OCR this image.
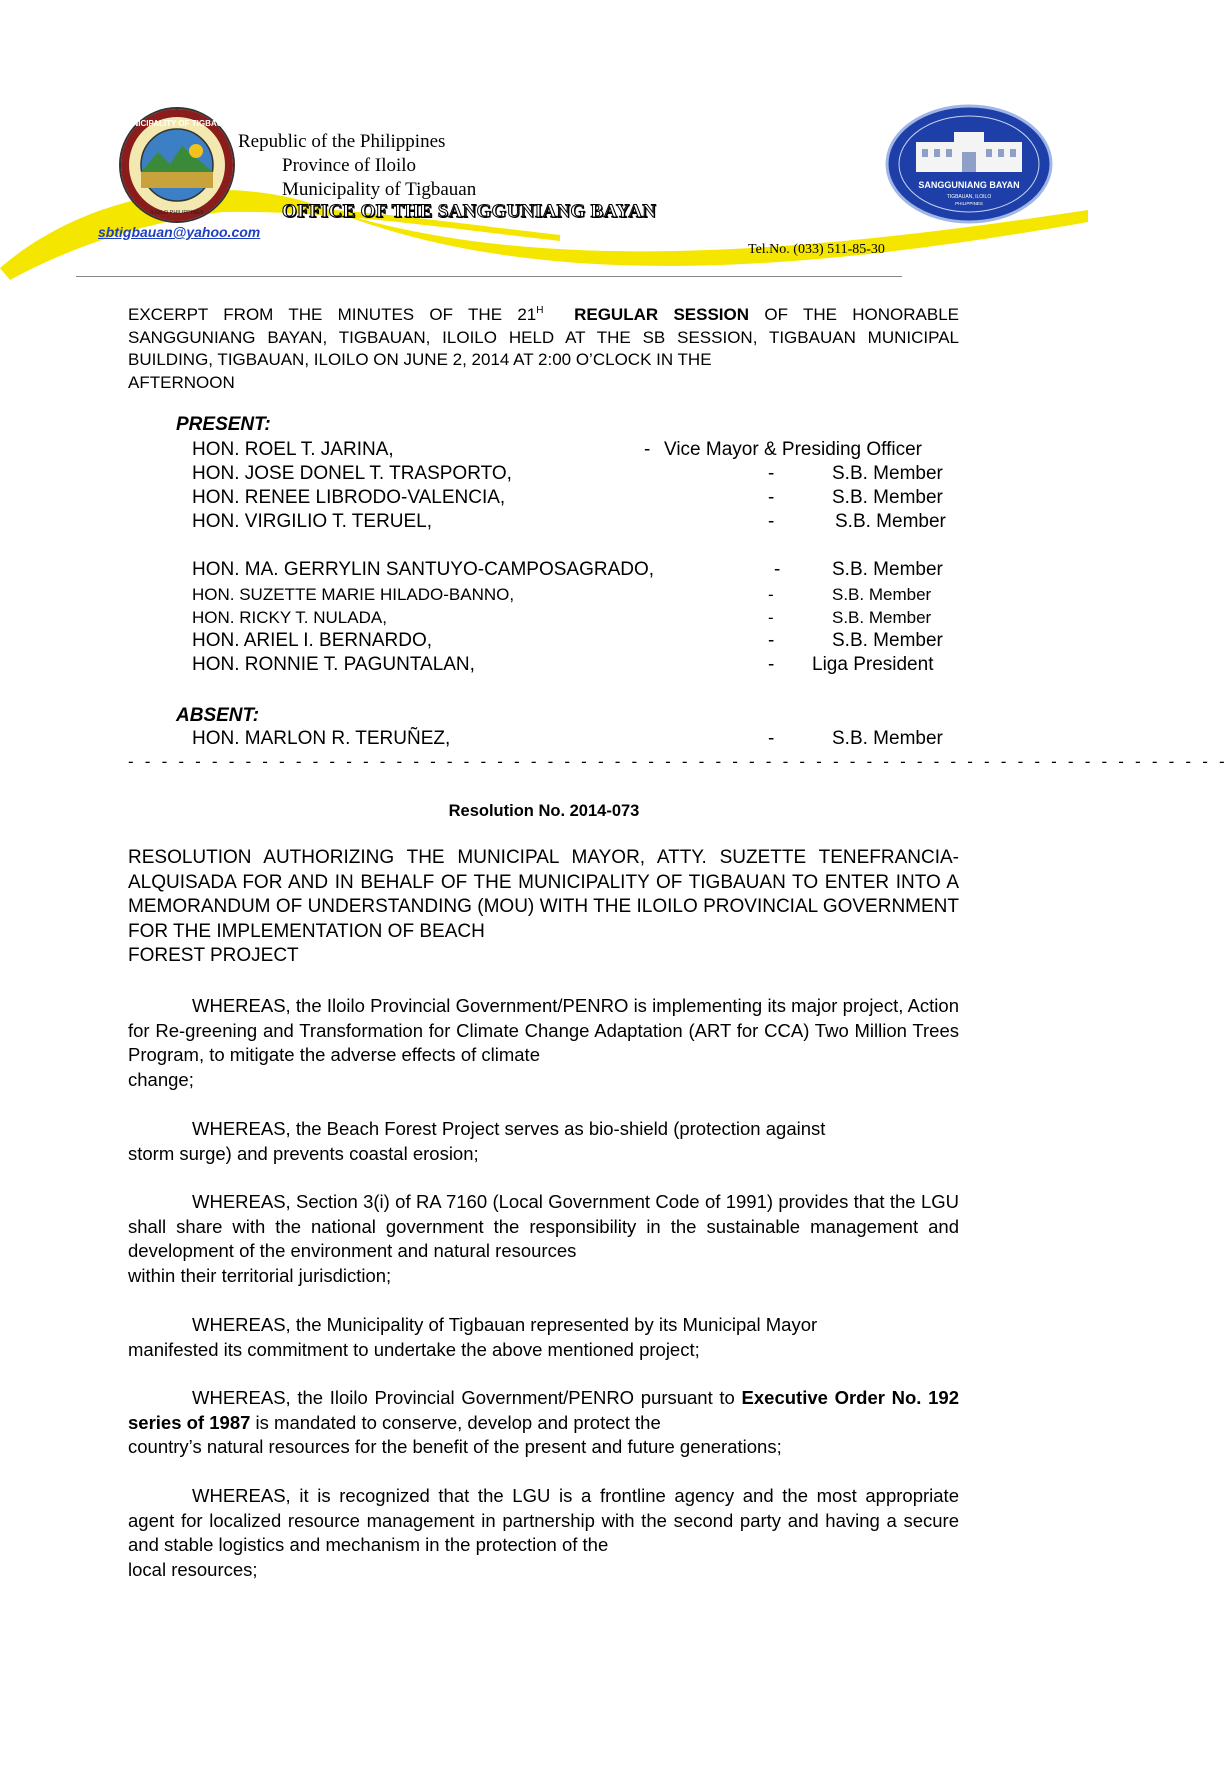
MUNICIPALITY OF TIGBAUAN
ILOILO PHILIPPINES
SANGGUNIANG BAYAN
TIGBAUAN, ILOILO
PHILIPPINES
Republic of the Philippines
Province of Iloilo
Municipality of Tigbauan
OFFICE OF THE SANGGUNIANG BAYAN
sbtigbauan@yahoo.com
Tel.No. (033) 511-85-30
EXCERPT FROM THE MINUTES OF THE $21^H$ REGULAR SESSION OF THE HONORABLE SANGGUNIANG BAYAN, TIGBAUAN, ILOILO HELD AT THE SB SESSION, TIGBAUAN MUNICIPAL BUILDING, TIGBAUAN, ILOILO ON JUNE 2, 2014 AT 2:00 O’CLOCK IN THE
AFTERNOON
PRESENT:
HON. ROEL T. JARINA,	- Vice Mayor & Presiding Officer
HON. JOSE DONEL T. TRASPORTO,	-	S.B. Member
HON. RENEE LIBRODO-VALENCIA,	-	S.B. Member
HON. VIRGILIO T. TERUEL,	-	S.B. Member
HON. MA. GERRYLIN SANTUYO-CAMPOSAGRADO,	-	S.B. Member
HON. SUZETTE MARIE HILADO-BANNO,	-	S.B. Member
HON. RICKY T. NULADA,	-	S.B. Member
HON. ARIEL I. BERNARDO,	-	S.B. Member
HON. RONNIE T. PAGUNTALAN,	- Liga President
ABSENT:
HON. MARLON R. TERUÑEZ,	-	S.B. Member
- - - - - - - - - - - - - - - - - - - - - - - - - - - - - - - - - - - - - - - - - - - - - - - - - - - - - - - - - - - - - - - - - -
Resolution No. 2014-073
RESOLUTION AUTHORIZING THE MUNICIPAL MAYOR, ATTY. SUZETTE TENEFRANCIA-ALQUISADA FOR AND IN BEHALF OF THE MUNICIPALITY OF TIGBAUAN TO ENTER INTO A MEMORANDUM OF UNDERSTANDING (MOU) WITH THE ILOILO PROVINCIAL GOVERNMENT FOR THE IMPLEMENTATION OF BEACH
FOREST PROJECT
WHEREAS, the Iloilo Provincial Government/PENRO is implementing its major project, Action for Re-greening and Transformation for Climate Change Adaptation (ART for CCA) Two Million Trees Program, to mitigate the adverse effects of climate
change;
WHEREAS, the Beach Forest Project serves as bio-shield (protection against
storm surge) and prevents coastal erosion;
WHEREAS, Section 3(i) of RA 7160 (Local Government Code of 1991) provides that the LGU shall share with the national government the responsibility in the sustainable management and development of the environment and natural resources
within their territorial jurisdiction;
WHEREAS, the Municipality of Tigbauan represented by its Municipal Mayor
manifested its commitment to undertake the above mentioned project;
WHEREAS, the Iloilo Provincial Government/PENRO pursuant to Executive Order No. 192 series of 1987 is mandated to conserve, develop and protect the
country’s natural resources for the benefit of the present and future generations;
WHEREAS, it is recognized that the LGU is a frontline agency and the most appropriate agent for localized resource management in partnership with the second party and having a secure and stable logistics and mechanism in the protection of the
local resources;
